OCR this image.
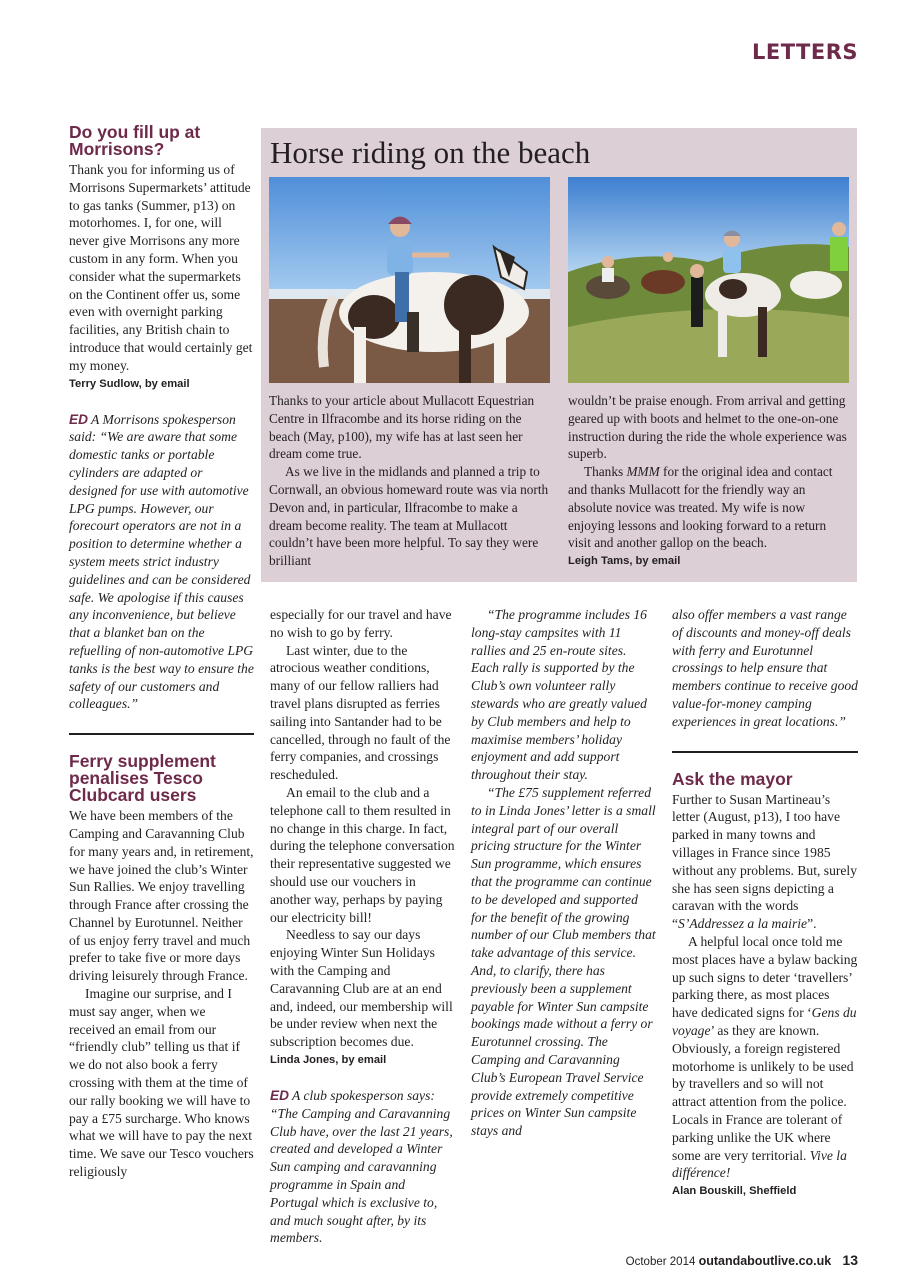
LETTERS
Do you fill up at Morrisons?

Thank you for informing us of Morrisons Supermarkets’ attitude to gas tanks (Summer, p13) on motorhomes. I, for one, will never give Morrisons any more custom in any form. When you consider what the supermarkets on the Continent offer us, some even with overnight parking facilities, any British chain to introduce that would certainly get my money.

Terry Sudlow, by email

ED A Morrisons spokesperson said: “We are aware that some domestic tanks or portable cylinders are adapted or designed for use with automotive LPG pumps. However, our forecourt operators are not in a position to determine whether a system meets strict industry guidelines and can be considered safe. We apologise if this causes any inconvenience, but believe that a blanket ban on the refuelling of non-automotive LPG tanks is the best way to ensure the safety of our customers and colleagues.”

Ferry supplement penalises Tesco Clubcard users

We have been members of the Camping and Caravanning Club for many years and, in retirement, we have joined the club’s Winter Sun Rallies. We enjoy travelling through France after crossing the Channel by Eurotunnel. Neither of us enjoy ferry travel and much prefer to take five or more days driving leisurely through France.

Imagine our surprise, and I must say anger, when we received an email from our “friendly club” telling us that if we do not also book a ferry crossing with them at the time of our rally booking we will have to pay a £75 surcharge. Who knows what we will have to pay the next time. We save our Tesco vouchers religiously

Horse riding on the beach

Thanks to your article about Mullacott Equestrian Centre in Ilfracombe and its horse riding on the beach (May, p100), my wife has at last seen her dream come true.

As we live in the midlands and planned a trip to Cornwall, an obvious homeward route was via north Devon and, in particular, Ilfracombe to make a dream become reality. The team at Mullacott couldn’t have been more helpful. To say they were brilliant

wouldn’t be praise enough. From arrival and getting geared up with boots and helmet to the one-on-one instruction during the ride the whole experience was superb.

Thanks MMM for the original idea and contact and thanks Mullacott for the friendly way an absolute novice was treated. My wife is now enjoying lessons and looking forward to a return visit and another gallop on the beach.

Leigh Tams, by email

especially for our travel and have no wish to go by ferry.

Last winter, due to the atrocious weather conditions, many of our fellow ralliers had travel plans disrupted as ferries sailing into Santander had to be cancelled, through no fault of the ferry companies, and crossings rescheduled.

An email to the club and a telephone call to them resulted in no change in this charge. In fact, during the telephone conversation their representative suggested we should use our vouchers in another way, perhaps by paying our electricity bill!

Needless to say our days enjoying Winter Sun Holidays with the Camping and Caravanning Club are at an end and, indeed, our membership will be under review when next the subscription becomes due.

Linda Jones, by email

ED A club spokesperson says: “The Camping and Caravanning Club have, over the last 21 years, created and developed a Winter Sun camping and caravanning programme in Spain and Portugal which is exclusive to, and much sought after, by its members.

“The programme includes 16 long-stay campsites with 11 rallies and 25 en-route sites. Each rally is supported by the Club’s own volunteer rally stewards who are greatly valued by Club members and help to maximise members’ holiday enjoyment and add support throughout their stay.

“The £75 supplement referred to in Linda Jones’ letter is a small integral part of our overall pricing structure for the Winter Sun programme, which ensures that the programme can continue to be developed and supported for the benefit of the growing number of our Club members that take advantage of this service. And, to clarify, there has previously been a supplement payable for Winter Sun campsite bookings made without a ferry or Eurotunnel crossing. The Camping and Caravanning Club’s European Travel Service provide extremely competitive prices on Winter Sun campsite stays and

also offer members a vast range of discounts and money-off deals with ferry and Eurotunnel crossings to help ensure that members continue to receive good value-for-money camping experiences in great locations.”

Ask the mayor

Further to Susan Martineau’s letter (August, p13), I too have parked in many towns and villages in France since 1985 without any problems. But, surely she has seen signs depicting a caravan with the words “S’Addressez a la mairie”.

A helpful local once told me most places have a bylaw backing up such signs to deter ‘travellers’ parking there, as most places have dedicated signs for ‘Gens du voyage’ as they are known. Obviously, a foreign registered motorhome is unlikely to be used by travellers and so will not attract attention from the police. Locals in France are tolerant of parking unlike the UK where some are very territorial. Vive la différence!

Alan Bouskill, Sheffield

October 2014 outandaboutlive.co.uk 13
